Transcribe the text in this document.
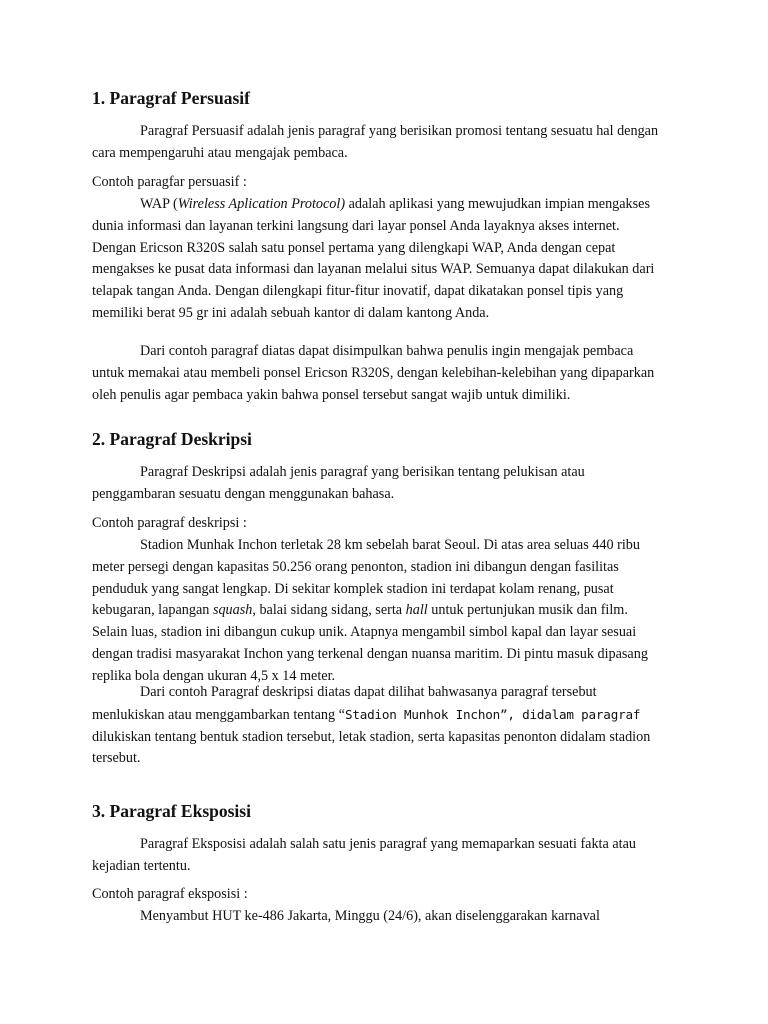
1. Paragraf Persuasif

Paragraf Persuasif adalah jenis paragraf yang berisikan promosi tentang sesuatu hal dengan cara mempengaruhi atau mengajak pembaca.

Contoh paragfar persuasif :

WAP (Wireless Aplication Protocol) adalah aplikasi yang mewujudkan impian mengakses dunia informasi dan layanan terkini langsung dari layar ponsel Anda layaknya akses internet. Dengan Ericson R320S salah satu ponsel pertama yang dilengkapi WAP, Anda dengan cepat mengakses ke pusat data informasi dan layanan melalui situs WAP. Semuanya dapat dilakukan dari telapak tangan Anda. Dengan dilengkapi fitur-fitur inovatif, dapat dikatakan ponsel tipis yang memiliki berat 95 gr ini adalah sebuah kantor di dalam kantong Anda.

Dari contoh paragraf diatas dapat disimpulkan bahwa penulis ingin mengajak pembaca untuk memakai atau membeli ponsel Ericson R320S, dengan kelebihan-kelebihan yang dipaparkan oleh penulis agar pembaca yakin bahwa ponsel tersebut sangat wajib untuk dimiliki.

2. Paragraf Deskripsi

Paragraf Deskripsi adalah jenis paragraf yang berisikan tentang pelukisan atau penggambaran sesuatu dengan menggunakan bahasa.

Contoh paragraf deskripsi :

Stadion Munhak Inchon terletak 28 km sebelah barat Seoul. Di atas area seluas 440 ribu meter persegi dengan kapasitas 50.256 orang penonton, stadion ini dibangun dengan fasilitas penduduk yang sangat lengkap. Di sekitar komplek stadion ini terdapat kolam renang, pusat kebugaran, lapangan squash, balai sidang sidang, serta hall untuk pertunjukan musik dan film. Selain luas, stadion ini dibangun cukup unik. Atapnya mengambil simbol kapal dan layar sesuai dengan tradisi masyarakat Inchon yang terkenal dengan nuansa maritim. Di pintu masuk dipasang replika bola dengan ukuran 4,5 x 14 meter.

Dari contoh Paragraf deskripsi diatas dapat dilihat bahwasanya paragraf tersebut menlukiskan atau menggambarkan tentang “Stadion Munhok Inchon”, didalam paragraf dilukiskan tentang bentuk stadion tersebut, letak stadion, serta kapasitas penonton didalam stadion tersebut.

3. Paragraf Eksposisi

Paragraf Eksposisi adalah salah satu jenis paragraf yang memaparkan sesuati fakta atau kejadian tertentu.

Contoh paragraf eksposisi :

Menyambut HUT ke-486 Jakarta, Minggu (24/6), akan diselenggarakan karnaval
